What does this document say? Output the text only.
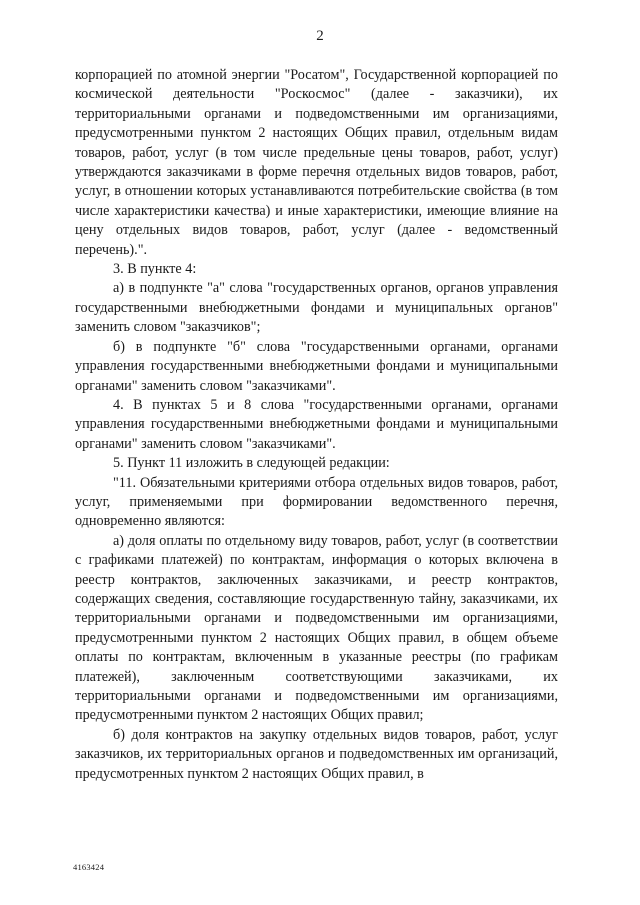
2

корпорацией по атомной энергии "Росатом", Государственной корпорацией по космической деятельности "Роскосмос" (далее - заказчики), их территориальными органами и подведомственными им организациями, предусмотренными пунктом 2 настоящих Общих правил, отдельным видам товаров, работ, услуг (в том числе предельные цены товаров, работ, услуг) утверждаются заказчиками в форме перечня отдельных видов товаров, работ, услуг, в отношении которых устанавливаются потребительские свойства (в том числе характеристики качества) и иные характеристики, имеющие влияние на цену отдельных видов товаров, работ, услуг (далее - ведомственный перечень).".

3. В пункте 4:

а) в подпункте "а" слова "государственных органов, органов управления государственными внебюджетными фондами и муниципальных органов" заменить словом "заказчиков";

б) в подпункте "б" слова "государственными органами, органами управления государственными внебюджетными фондами и муниципальными органами" заменить словом "заказчиками".

4. В пунктах 5 и 8 слова "государственными органами, органами управления государственными внебюджетными фондами и муниципальными органами" заменить словом "заказчиками".

5. Пункт 11 изложить в следующей редакции:

"11. Обязательными критериями отбора отдельных видов товаров, работ, услуг, применяемыми при формировании ведомственного перечня, одновременно являются:

а) доля оплаты по отдельному виду товаров, работ, услуг (в соответствии с графиками платежей) по контрактам, информация о которых включена в реестр контрактов, заключенных заказчиками, и реестр контрактов, содержащих сведения, составляющие государственную тайну, заказчиками, их территориальными органами и подведомственными им организациями, предусмотренными пунктом 2 настоящих Общих правил, в общем объеме оплаты по контрактам, включенным в указанные реестры (по графикам платежей), заключенным соответствующими заказчиками, их территориальными органами и подведомственными им организациями, предусмотренными пунктом 2 настоящих Общих правил;

б) доля контрактов на закупку отдельных видов товаров, работ, услуг заказчиков, их территориальных органов и подведомственных им организаций, предусмотренных пунктом 2 настоящих Общих правил, в

4163424
